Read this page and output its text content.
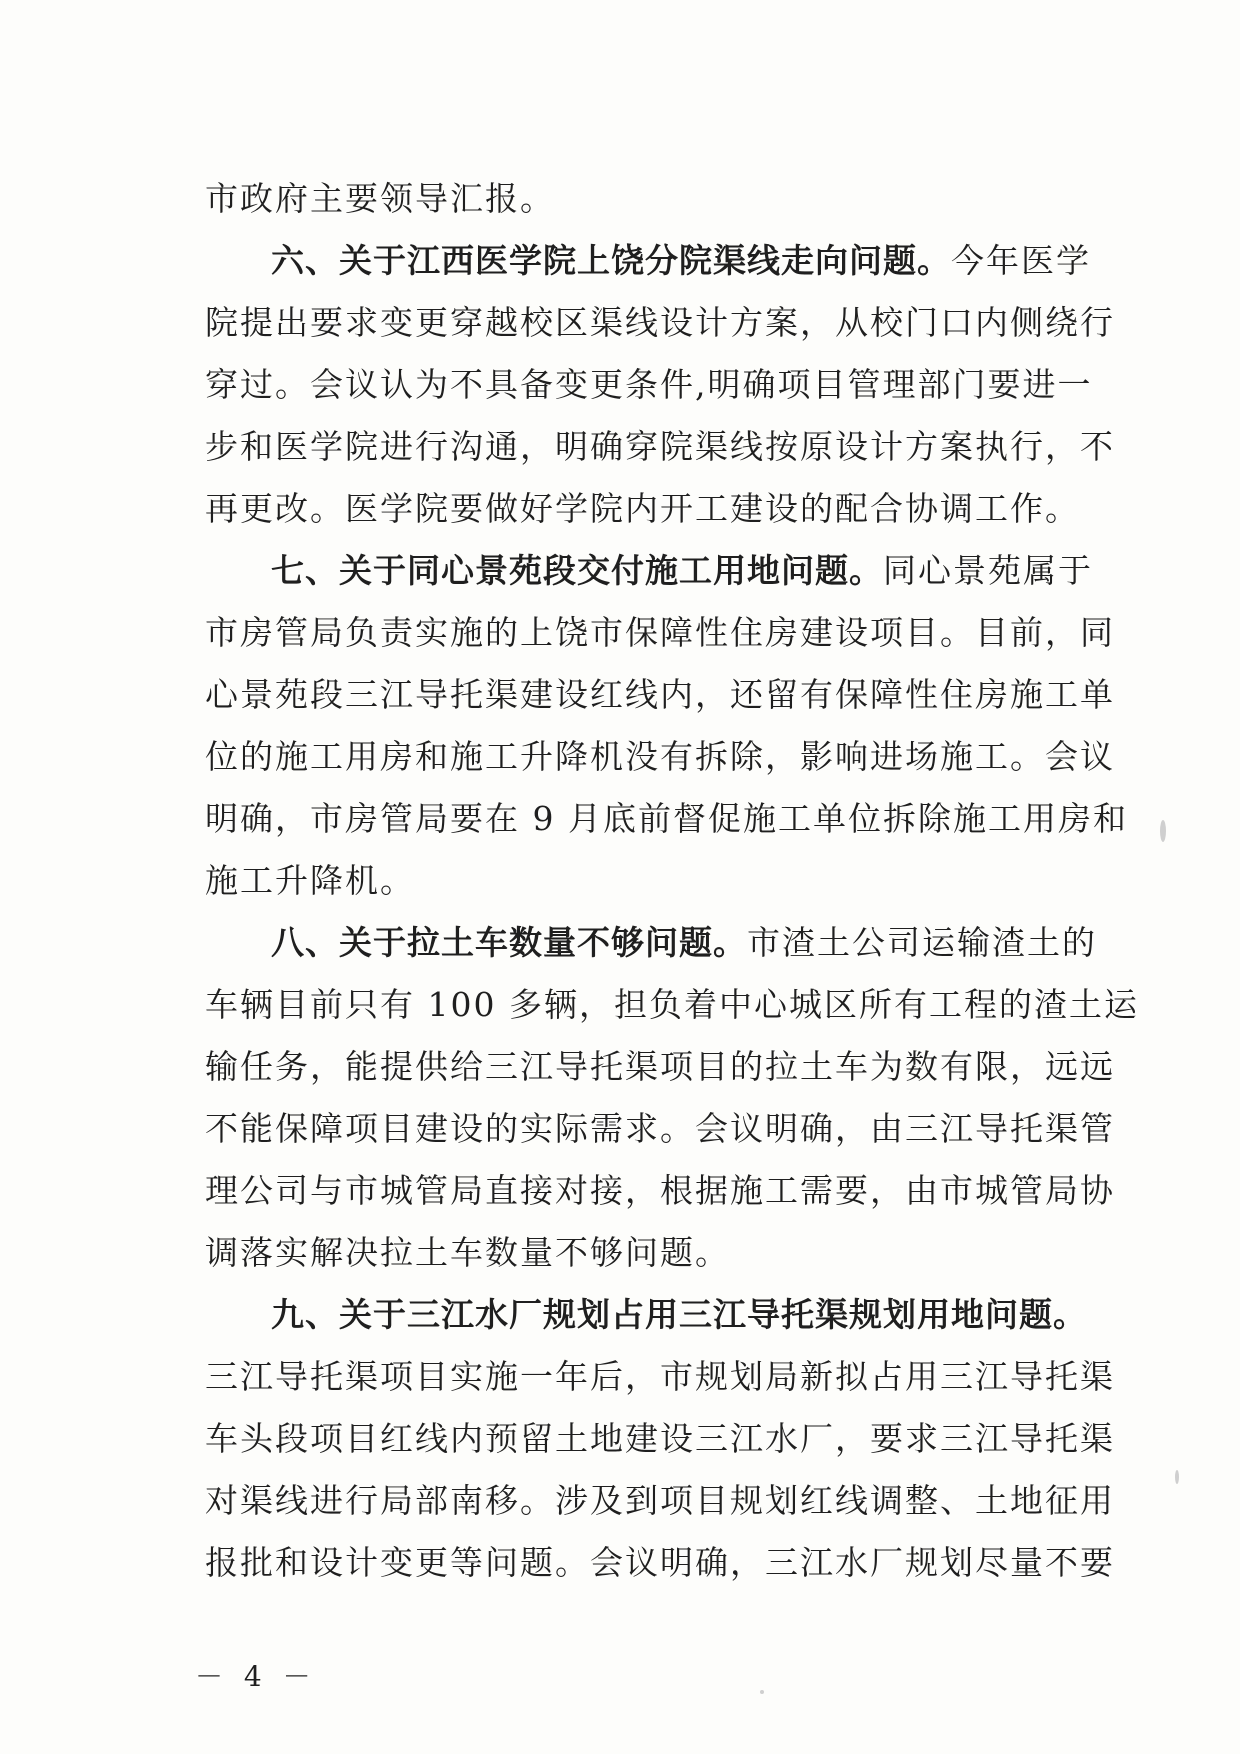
市政府主要领导汇报。
六、关于江西医学院上饶分院渠线走向问题。今年医学
院提出要求变更穿越校区渠线设计方案，从校门口内侧绕行
穿过。会议认为不具备变更条件,明确项目管理部门要进一
步和医学院进行沟通，明确穿院渠线按原设计方案执行，不
再更改。医学院要做好学院内开工建设的配合协调工作。
七、关于同心景苑段交付施工用地问题。同心景苑属于
市房管局负责实施的上饶市保障性住房建设项目。目前，同
心景苑段三江导托渠建设红线内，还留有保障性住房施工单
位的施工用房和施工升降机没有拆除，影响进场施工。会议
明确，市房管局要在 9 月底前督促施工单位拆除施工用房和
施工升降机。
八、关于拉土车数量不够问题。市渣土公司运输渣土的
车辆目前只有 100 多辆，担负着中心城区所有工程的渣土运
输任务，能提供给三江导托渠项目的拉土车为数有限，远远
不能保障项目建设的实际需求。会议明确，由三江导托渠管
理公司与市城管局直接对接，根据施工需要，由市城管局协
调落实解决拉土车数量不够问题。
九、关于三江水厂规划占用三江导托渠规划用地问题。
三江导托渠项目实施一年后，市规划局新拟占用三江导托渠
车头段项目红线内预留土地建设三江水厂，要求三江导托渠
对渠线进行局部南移。涉及到项目规划红线调整、土地征用
报批和设计变更等问题。会议明确，三江水厂规划尽量不要
－ 4 －
